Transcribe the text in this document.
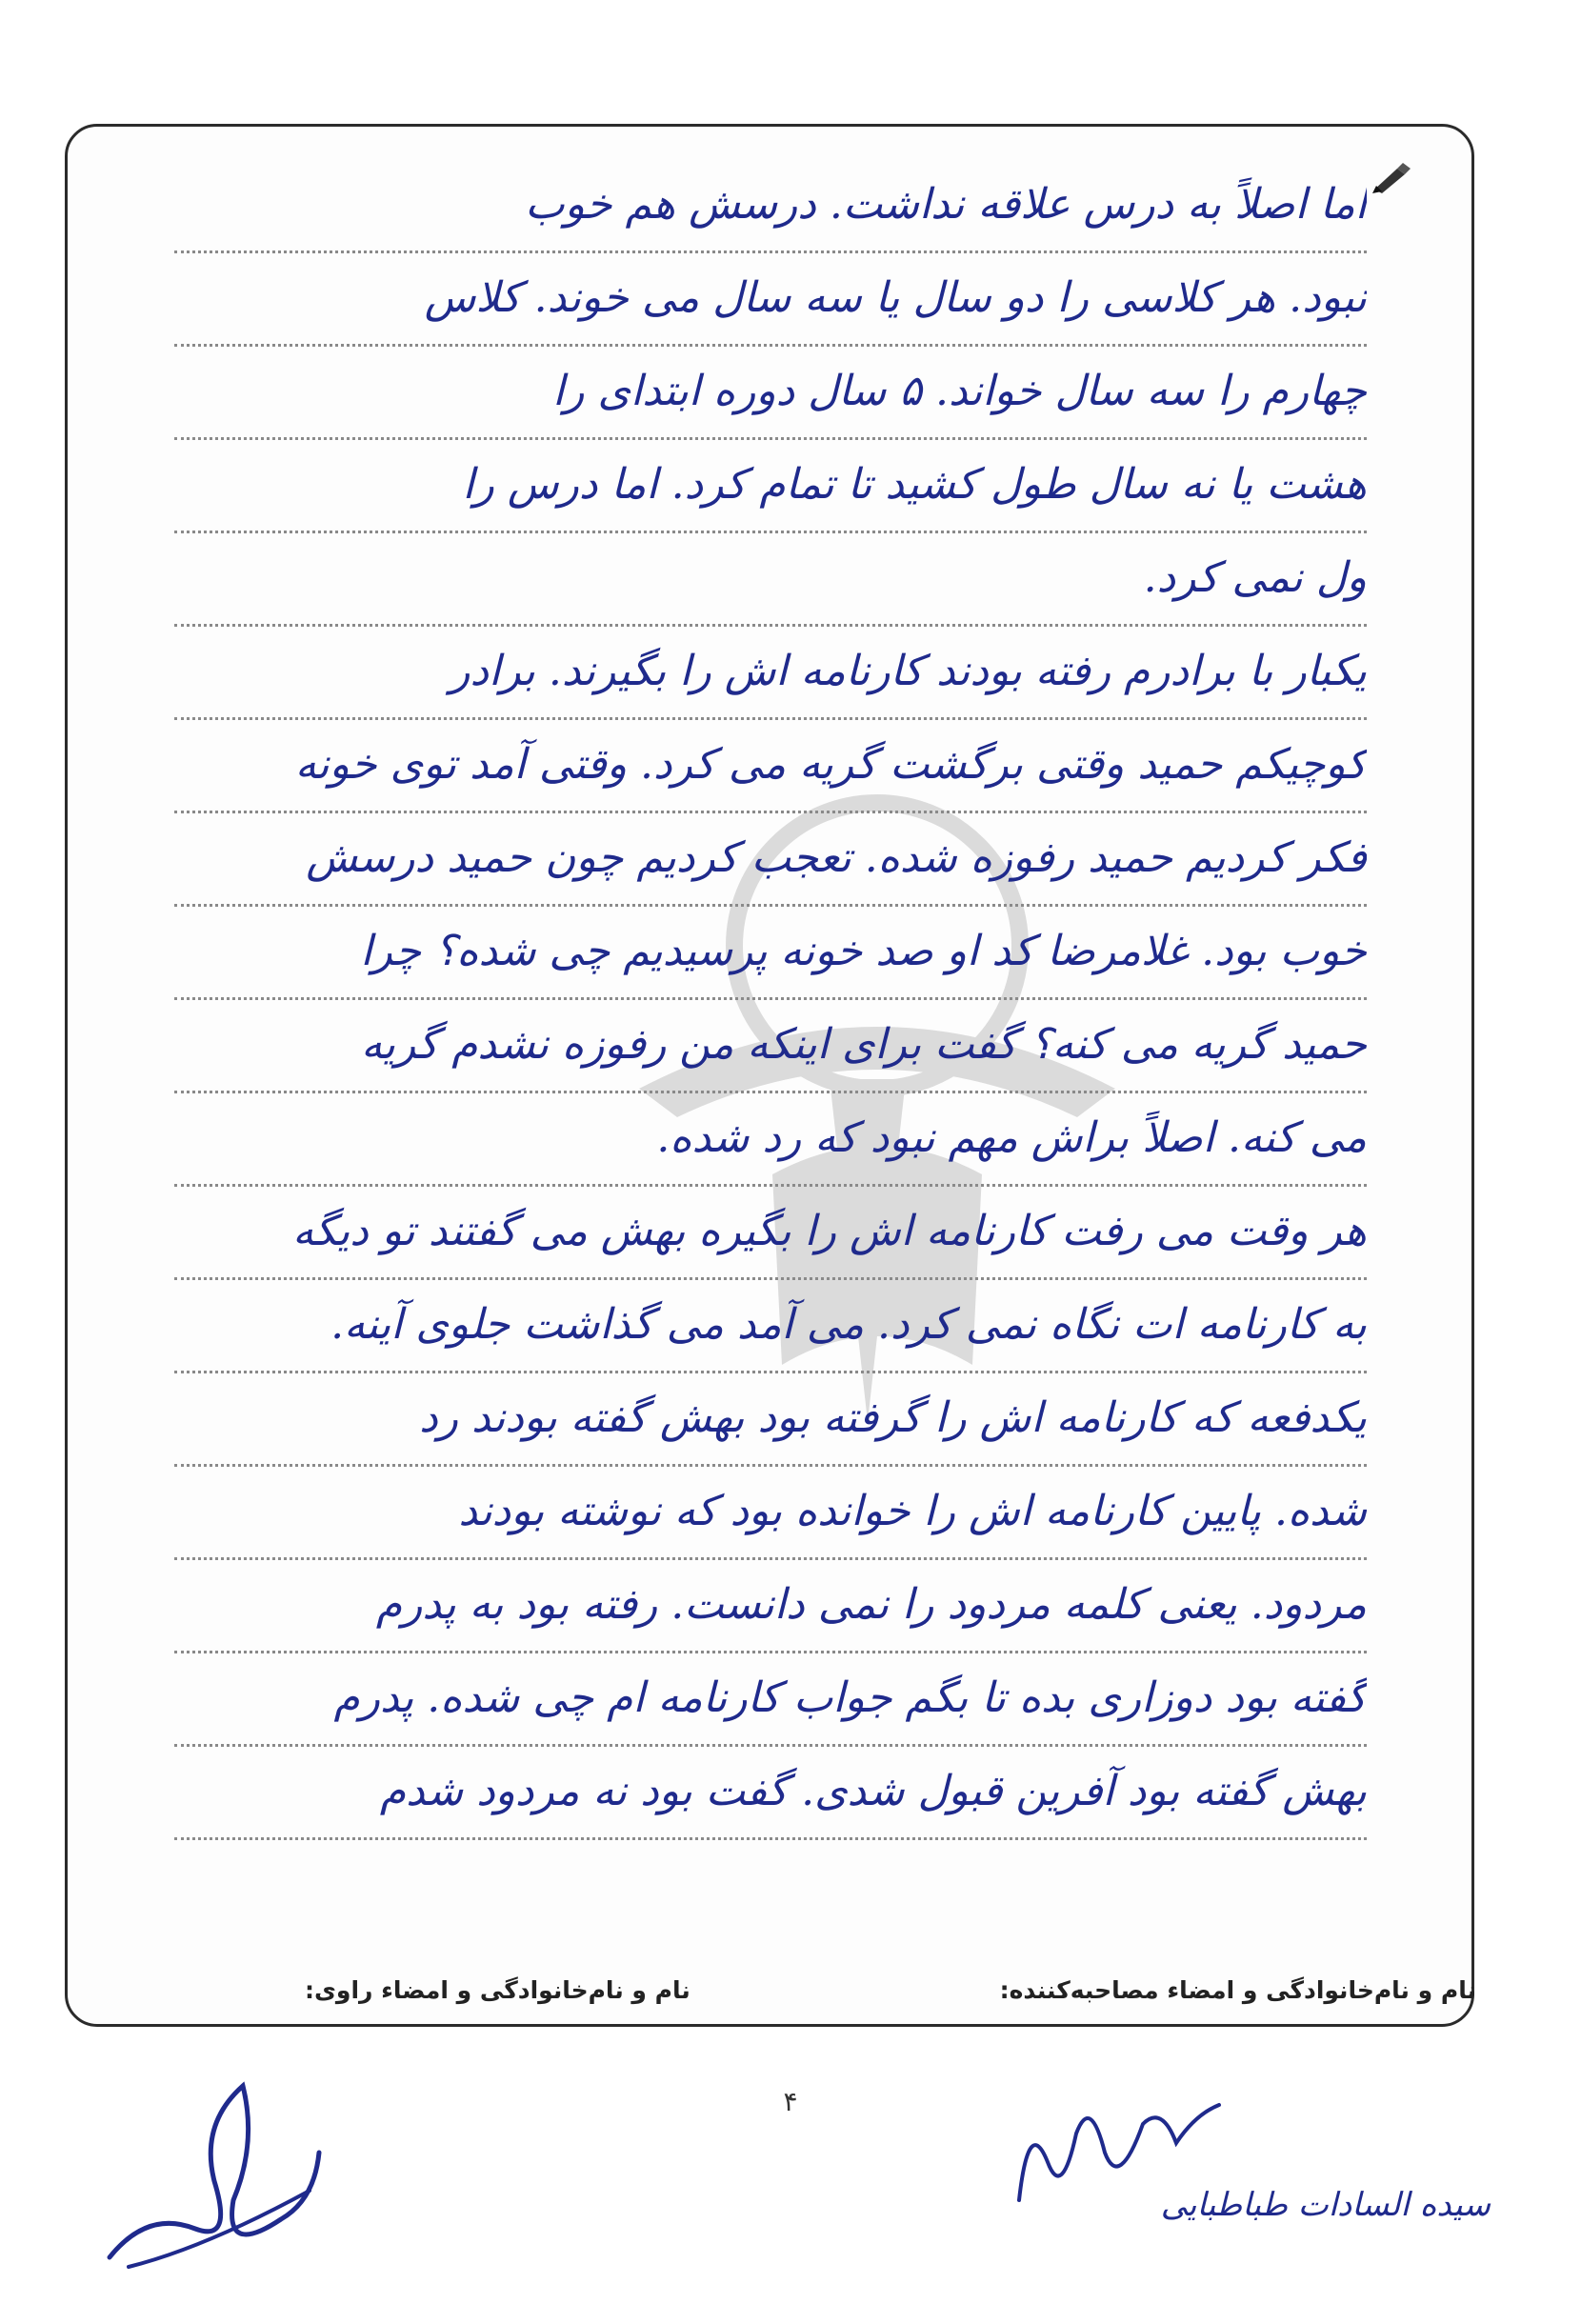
اما اصلاً به درس علاقه نداشت. درسش هم خوب
نبود. هر کلاسی را دو سال یا سه سال می خوند. کلاس
چهارم را سه سال خواند. ۵ سال دوره ابتدای را
هشت یا نه سال طول کشید تا تمام کرد. اما درس را
ول نمی کرد.
یکبار با برادرم رفته بودند کارنامه اش را بگیرند. برادر
کوچیکم حمید وقتی برگشت گریه می کرد. وقتی آمد توی خونه
فکر کردیم حمید رفوزه شده. تعجب کردیم چون حمید درسش
خوب بود. غلامرضا کد او صد خونه پرسیدیم چی شده؟ چرا
حمید گریه می کنه؟ گفت برای اینکه من رفوزه نشدم گریه
می کنه. اصلاً براش مهم نبود که رد شده.
هر وقت می رفت کارنامه اش را بگیره بهش می گفتند تو دیگه
به کارنامه ات نگاه نمی کرد. می آمد می گذاشت جلوی آینه.
یکدفعه که کارنامه اش را گرفته بود بهش گفته بودند رد
شده. پایین کارنامه اش را خوانده بود که نوشته بودند
مردود. یعنی کلمه مردود را نمی دانست. رفته بود به پدرم
گفته بود دوزاری بده تا بگم جواب کارنامه ام چی شده. پدرم
بهش گفته بود آفرین قبول شدی. گفت بود نه مردود شدم
نام و نام‌خانوادگی و امضاء مصاحبه‌کننده:
نام و نام‌خانوادگی و امضاء راوی:
۴
سیده السادات طباطبایی
